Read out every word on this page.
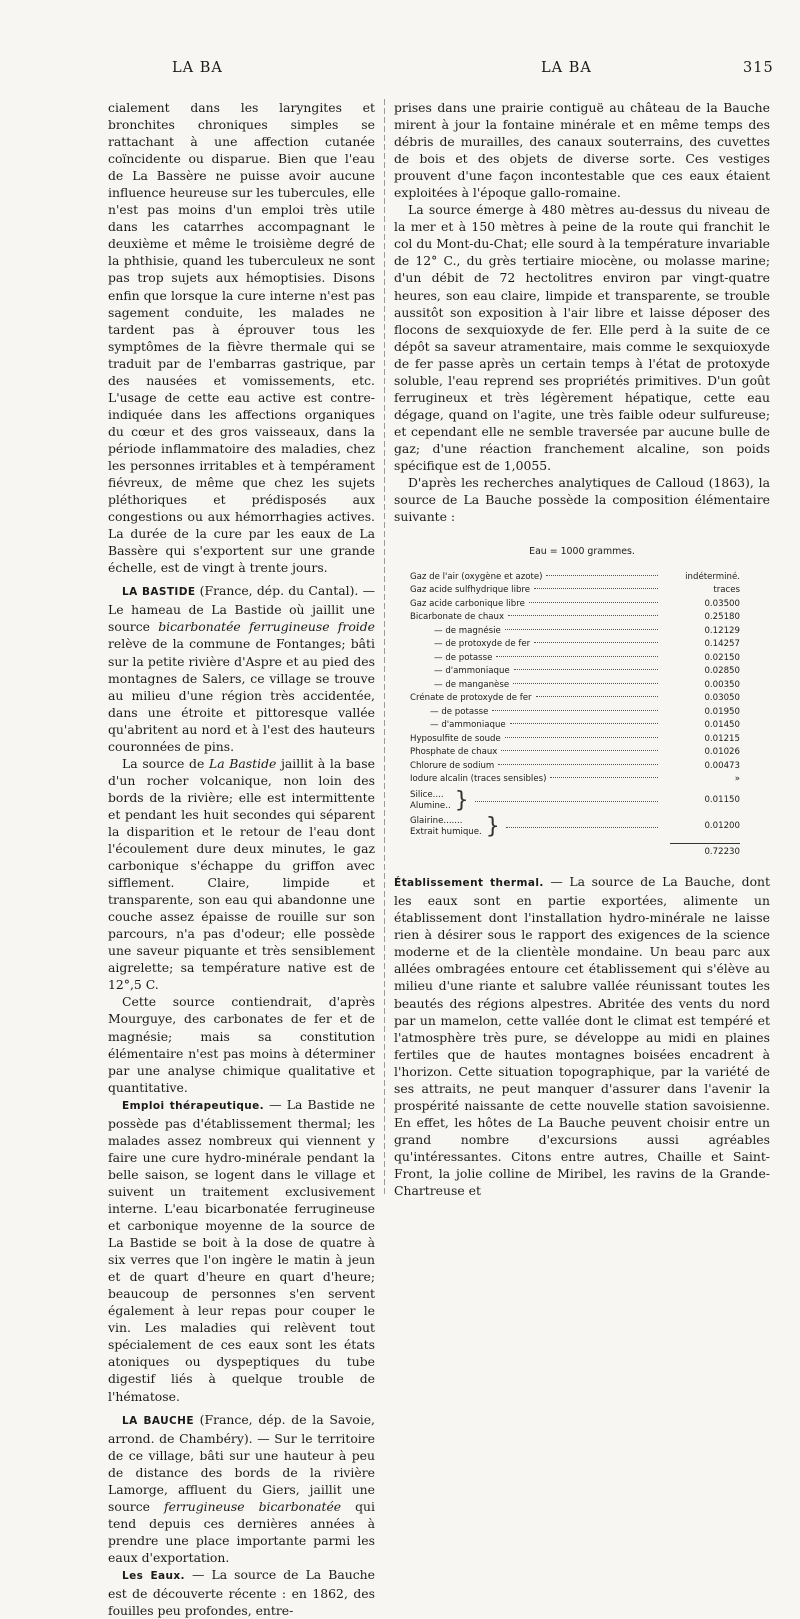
LA BA	LA BA	315

cialement dans les laryngites et bronchites chroniques simples se rattachant à une affection cutanée coïncidente ou disparue. Bien que l'eau de La Bassère ne puisse avoir aucune influence heureuse sur les tubercules, elle n'est pas moins d'un emploi très utile dans les catarrhes accompagnant le deuxième et même le troisième degré de la phthisie, quand les tuberculeux ne sont pas trop sujets aux hémoptisies. Disons enfin que lorsque la cure interne n'est pas sagement conduite, les malades ne tardent pas à éprouver tous les symptômes de la fièvre thermale qui se traduit par de l'embarras gastrique, par des nausées et vomissements, etc. L'usage de cette eau active est contre-indiquée dans les affections organiques du cœur et des gros vaisseaux, dans la période inflammatoire des maladies, chez les personnes irritables et à tempérament fiévreux, de même que chez les sujets pléthoriques et prédisposés aux congestions ou aux hémorrhagies actives. La durée de la cure par les eaux de La Bassère qui s'exportent sur une grande échelle, est de vingt à trente jours.

LA BASTIDE (France, dép. du Cantal). — Le hameau de La Bastide où jaillit une source bicarbonatée ferrugineuse froide relève de la commune de Fontanges; bâti sur la petite rivière d'Aspre et au pied des montagnes de Salers, ce village se trouve au milieu d'une région très accidentée, dans une étroite et pittoresque vallée qu'abritent au nord et à l'est des hauteurs couronnées de pins.

La source de La Bastide jaillit à la base d'un rocher volcanique, non loin des bords de la rivière; elle est intermittente et pendant les huit secondes qui séparent la disparition et le retour de l'eau dont l'écoulement dure deux minutes, le gaz carbonique s'échappe du griffon avec sifflement. Claire, limpide et transparente, son eau qui abandonne une couche assez épaisse de rouille sur son parcours, n'a pas d'odeur; elle possède une saveur piquante et très sensiblement aigrelette; sa température native est de 12°,5 C.

Cette source contiendrait, d'après Mourguye, des carbonates de fer et de magnésie; mais sa constitution élémentaire n'est pas moins à déterminer par une analyse chimique qualitative et quantitative.

Emploi thérapeutique. — La Bastide ne possède pas d'établissement thermal; les malades assez nombreux qui viennent y faire une cure hydro-minérale pendant la belle saison, se logent dans le village et suivent un traitement exclusivement interne. L'eau bicarbonatée ferrugineuse et carbonique moyenne de la source de La Bastide se boit à la dose de quatre à six verres que l'on ingère le matin à jeun et de quart d'heure en quart d'heure; beaucoup de personnes s'en servent également à leur repas pour couper le vin. Les maladies qui relèvent tout spécialement de ces eaux sont les états atoniques ou dyspeptiques du tube digestif liés à quelque trouble de l'hématose.

LA BAUCHE (France, dép. de la Savoie, arrond. de Chambéry). — Sur le territoire de ce village, bâti sur une hauteur à peu de distance des bords de la rivière Lamorge, affluent du Giers, jaillit une source ferrugineuse bicarbonatée qui tend depuis ces dernières années à prendre une place importante parmi les eaux d'exportation.

Les Eaux. — La source de La Bauche est de découverte récente : en 1862, des fouilles peu profondes, entre-

prises dans une prairie contiguë au château de la Bauche mirent à jour la fontaine minérale et en même temps des débris de murailles, des canaux souterrains, des cuvettes de bois et des objets de diverse sorte. Ces vestiges prouvent d'une façon incontestable que ces eaux étaient exploitées à l'époque gallo-romaine.

La source émerge à 480 mètres au-dessus du niveau de la mer et à 150 mètres à peine de la route qui franchit le col du Mont-du-Chat; elle sourd à la température invariable de 12° C., du grès tertiaire miocène, ou molasse marine; d'un débit de 72 hectolitres environ par vingt-quatre heures, son eau claire, limpide et transparente, se trouble aussitôt son exposition à l'air libre et laisse déposer des flocons de sexquioxyde de fer. Elle perd à la suite de ce dépôt sa saveur atramentaire, mais comme le sexquioxyde de fer passe après un certain temps à l'état de protoxyde soluble, l'eau reprend ses propriétés primitives. D'un goût ferrugineux et très légèrement hépatique, cette eau dégage, quand on l'agite, une très faible odeur sulfureuse; et cependant elle ne semble traversée par aucune bulle de gaz; d'une réaction franchement alcaline, son poids spécifique est de 1,0055.

D'après les recherches analytiques de Calloud (1863), la source de La Bauche possède la composition élémentaire suivante :

Eau = 1000 grammes.
Gaz de l'air (oxygène et azote)	indéterminé.
Gaz acide sulfhydrique libre	traces
Gaz acide carbonique libre	0.03500
Bicarbonate de chaux	0.25180
— de magnésie	0.12129
— de protoxyde de fer	0.14257
— de potasse	0.02150
— d'ammoniaque	0.02850
— de manganèse	0.00350
Crénate de protoxyde de fer	0.03050
— de potasse	0.01950
— d'ammoniaque	0.01450
Hyposulfite de soude	0.01215
Phosphate de chaux	0.01026
Chlorure de sodium	0.00473
Iodure alcalin (traces sensibles)	»
Silice....
Alumine.. }	0.01150
Glairine.......
Extrait humique. }	0.01200
0.72230

Établissement thermal. — La source de La Bauche, dont les eaux sont en partie exportées, alimente un établissement dont l'installation hydro-minérale ne laisse rien à désirer sous le rapport des exigences de la science moderne et de la clientèle mondaine. Un beau parc aux allées ombragées entoure cet établissement qui s'élève au milieu d'une riante et salubre vallée réunissant toutes les beautés des régions alpestres. Abritée des vents du nord par un mamelon, cette vallée dont le climat est tempéré et l'atmosphère très pure, se développe au midi en plaines fertiles que de hautes montagnes boisées encadrent à l'horizon. Cette situation topographique, par la variété de ses attraits, ne peut manquer d'assurer dans l'avenir la prospérité naissante de cette nouvelle station savoisienne. En effet, les hôtes de La Bauche peuvent choisir entre un grand nombre d'excursions aussi agréables qu'intéressantes. Citons entre autres, Chaille et Saint-Front, la jolie colline de Miribel, les ravins de la Grande-Chartreuse et
